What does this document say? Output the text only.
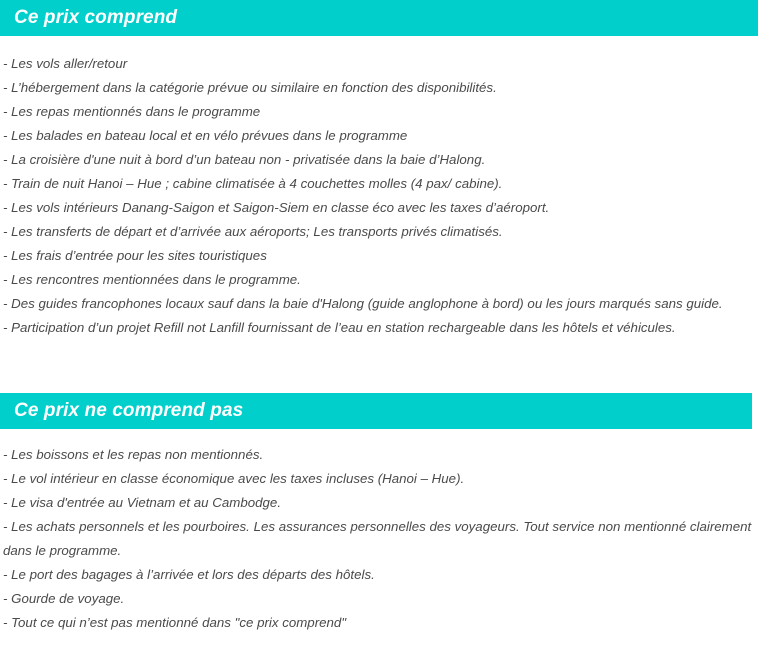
Ce prix comprend
- Les vols aller/retour
- L’hébergement dans la catégorie prévue ou similaire en fonction des disponibilités.
- Les repas mentionnés dans le programme
- Les balades en bateau local et en vélo prévues dans le programme
- La croisière d'une nuit à bord d’un bateau non - privatisée dans la baie d’Halong.
- Train de nuit Hanoi – Hue ; cabine climatisée à 4 couchettes molles (4 pax/ cabine).
- Les vols intérieurs Danang-Saigon et Saigon-Siem en classe éco avec les taxes d’aéroport.
- Les transferts de départ et d’arrivée aux aéroports; Les transports privés climatisés.
- Les frais d’entrée pour les sites touristiques
- Les rencontres mentionnées dans le programme.
- Des guides francophones locaux sauf dans la baie d'Halong (guide anglophone à bord) ou les jours marqués sans guide.
- Participation d’un projet Refill not Lanfill fournissant de l’eau en station rechargeable dans les hôtels et véhicules.
Ce prix ne comprend pas
- Les boissons et les repas non mentionnés.
- Le vol intérieur en classe économique avec les taxes incluses (Hanoi – Hue).
- Le visa d'entrée au Vietnam et au Cambodge.
- Les achats personnels et les pourboires. Les assurances personnelles des voyageurs. Tout service non mentionné clairement dans le programme.
- Le port des bagages à l’arrivée et lors des départs des hôtels.
- Gourde de voyage.
- Tout ce qui n’est pas mentionné dans "ce prix comprend"
